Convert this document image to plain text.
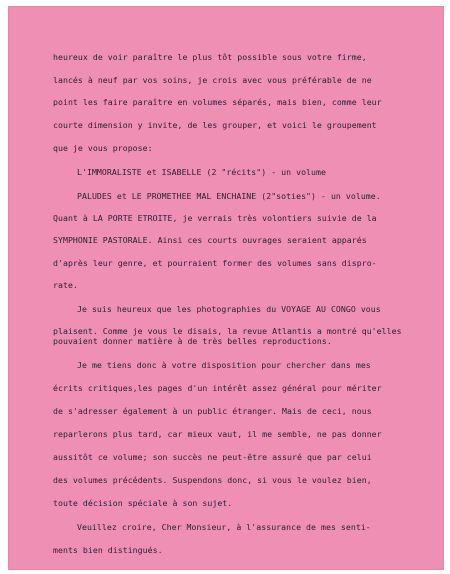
heureux de voir paraître le plus tôt possible sous votre firme,
lancés à neuf par vos soins, je crois avec vous préférable de ne
point les faire paraître en volumes séparés, mais bien, comme leur
courte dimension y invite, de les grouper, et voici le groupement
que je vous propose:
L'IMMORALISTE et ISABELLE (2 "récits") - un volume
PALUDES et LE PROMETHEE MAL ENCHAINE (2"soties") - un volume.
Quant à LA PORTE ETROITE, je verrais très volontiers suivie de la
SYMPHONIE PASTORALE. Ainsi ces courts ouvrages seraient apparés
d'après leur genre, et pourraient former des volumes sans dispro-
rate.
Je suis heureux que les photographies du VOYAGE AU CONGO vous
plaisent. Comme je vous le disais, la revue Atlantis a montré qu'elles
pouvaient donner matière à de très belles reproductions.
Je me tiens donc à votre disposition pour chercher dans mes
écrits critiques,les pages d'un intérêt assez général pour mériter
de s'adresser également à un public étranger. Mais de ceci, nous
reparlerons plus tard, car mieux vaut, il me semble, ne pas donner
aussitôt ce volume; son succès ne peut-être assuré que par celui
des volumes précédents. Suspendons donc, si vous le voulez bien,
toute décision spéciale à son sujet.
Veuillez croire, Cher Monsieur, à l'assurance de mes senti-
ments bien distingués.
